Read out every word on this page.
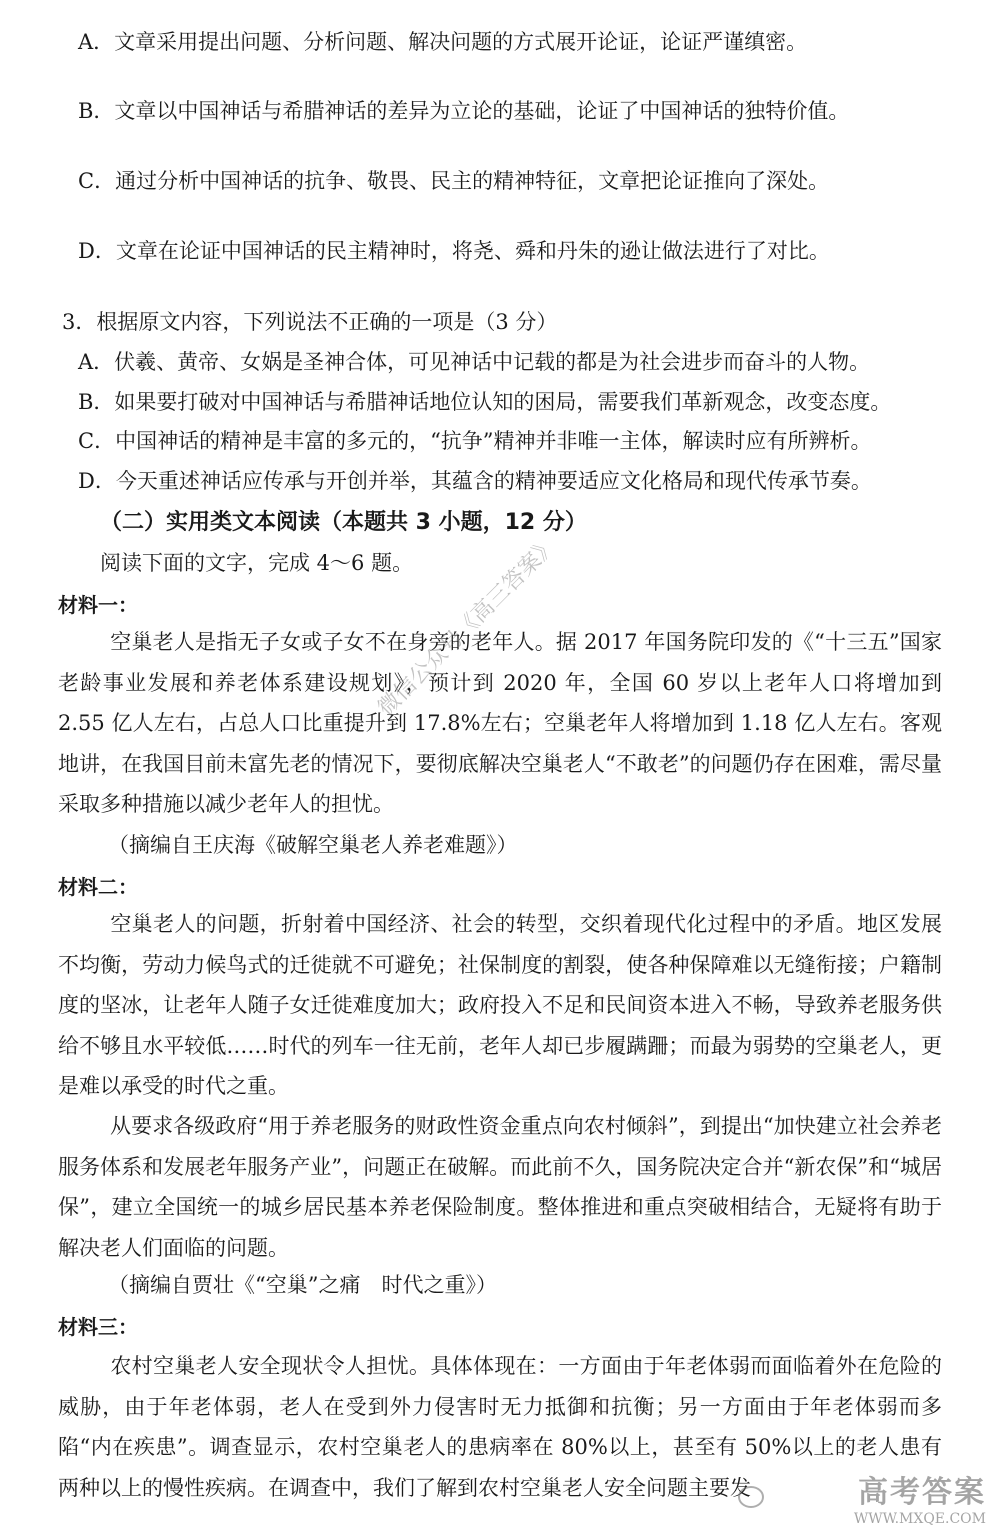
A．文章采用提出问题、分析问题、解决问题的方式展开论证，论证严谨缜密。
B．文章以中国神话与希腊神话的差异为立论的基础，论证了中国神话的独特价值。
C．通过分析中国神话的抗争、敬畏、民主的精神特征，文章把论证推向了深处。
D．文章在论证中国神话的民主精神时，将尧、舜和丹朱的逊让做法进行了对比。
3．根据原文内容，下列说法不正确的一项是（3 分）
A．伏羲、黄帝、女娲是圣神合体，可见神话中记载的都是为社会进步而奋斗的人物。
B．如果要打破对中国神话与希腊神话地位认知的困局，需要我们革新观念，改变态度。
C．中国神话的精神是丰富的多元的，“抗争”精神并非唯一主体，解读时应有所辨析。
D．今天重述神话应传承与开创并举，其蕴含的精神要适应文化格局和现代传承节奏。
（二）实用类文本阅读（本题共 3 小题，12 分）
阅读下面的文字，完成 4～6 题。
材料一：
空巢老人是指无子女或子女不在身旁的老年人。据 2017 年国务院印发的《“十三五”国家老龄事业发展和养老体系建设规划》，预计到 2020 年，全国 60 岁以上老年人口将增加到 2.55 亿人左右，占总人口比重提升到 17.8%左右；空巢老年人将增加到 1.18 亿人左右。客观地讲，在我国目前未富先老的情况下，要彻底解决空巢老人“不敢老”的问题仍存在困难，需尽量采取多种措施以减少老年人的担忧。
（摘编自王庆海《破解空巢老人养老难题》）
材料二：
空巢老人的问题，折射着中国经济、社会的转型，交织着现代化过程中的矛盾。地区发展不均衡，劳动力候鸟式的迁徙就不可避免；社保制度的割裂，使各种保障难以无缝衔接；户籍制度的坚冰，让老年人随子女迁徙难度加大；政府投入不足和民间资本进入不畅，导致养老服务供给不够且水平较低……时代的列车一往无前，老年人却已步履蹒跚；而最为弱势的空巢老人，更是难以承受的时代之重。
从要求各级政府“用于养老服务的财政性资金重点向农村倾斜”，到提出“加快建立社会养老服务体系和发展老年服务产业”，问题正在破解。而此前不久，国务院决定合并“新农保”和“城居保”，建立全国统一的城乡居民基本养老保险制度。整体推进和重点突破相结合，无疑将有助于解决老人们面临的问题。
（摘编自贾壮《“空巢”之痛　时代之重》）
材料三：
农村空巢老人安全现状令人担忧。具体体现在：一方面由于年老体弱而面临着外在危险的威胁，由于年老体弱，老人在受到外力侵害时无力抵御和抗衡；另一方面由于年老体弱而多陷“内在疾患”。调查显示，农村空巢老人的患病率在 80%以上，甚至有 50%以上的老人患有两种以上的慢性疾病。在调查中，我们了解到农村空巢老人安全问题主要发
微信公众号《高三答案》
高考答案
WWW.MXQE.COM
